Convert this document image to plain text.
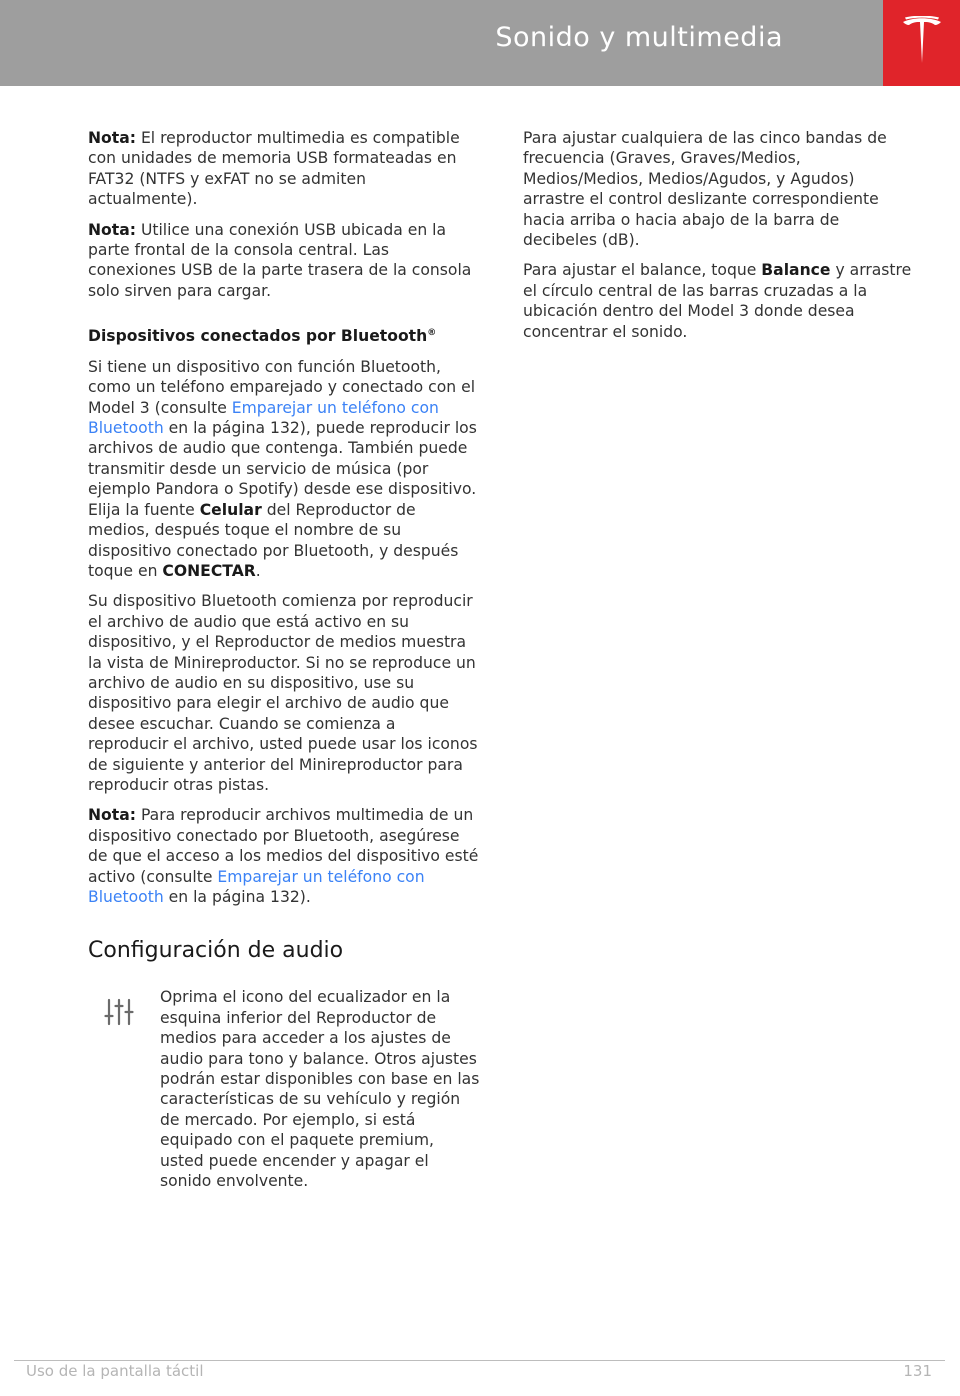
Sonido y multimedia

Nota: El reproductor multimedia es compatible con unidades de memoria USB formateadas en FAT32 (NTFS y exFAT no se admiten actualmente).

Nota: Utilice una conexión USB ubicada en la parte frontal de la consola central. Las conexiones USB de la parte trasera de la consola solo sirven para cargar.

Dispositivos conectados por Bluetooth®

Si tiene un dispositivo con función Bluetooth, como un teléfono emparejado y conectado con el Model 3 (consulte Emparejar un teléfono con Bluetooth en la página 132), puede reproducir los archivos de audio que contenga. También puede transmitir desde un servicio de música (por ejemplo Pandora o Spotify) desde ese dispositivo. Elija la fuente Celular del Reproductor de medios, después toque el nombre de su dispositivo conectado por Bluetooth, y después toque en CONECTAR.

Su dispositivo Bluetooth comienza por reproducir el archivo de audio que está activo en su dispositivo, y el Reproductor de medios muestra la vista de Minireproductor. Si no se reproduce un archivo de audio en su dispositivo, use su dispositivo para elegir el archivo de audio que desee escuchar. Cuando se comienza a reproducir el archivo, usted puede usar los iconos de siguiente y anterior del Minireproductor para reproducir otras pistas.

Nota: Para reproducir archivos multimedia de un dispositivo conectado por Bluetooth, asegúrese de que el acceso a los medios del dispositivo esté activo (consulte Emparejar un teléfono con Bluetooth en la página 132).

Configuración de audio

Oprima el icono del ecualizador en la esquina inferior del Reproductor de medios para acceder a los ajustes de audio para tono y balance. Otros ajustes podrán estar disponibles con base en las características de su vehículo y región de mercado. Por ejemplo, si está equipado con el paquete premium, usted puede encender y apagar el sonido envolvente.

Para ajustar cualquiera de las cinco bandas de frecuencia (Graves, Graves/Medios, Medios/Medios, Medios/Agudos, y Agudos) arrastre el control deslizante correspondiente hacia arriba o hacia abajo de la barra de decibeles (dB).

Para ajustar el balance, toque Balance y arrastre el círculo central de las barras cruzadas a la ubicación dentro del Model 3 donde desea concentrar el sonido.

Uso de la pantalla táctil	131
